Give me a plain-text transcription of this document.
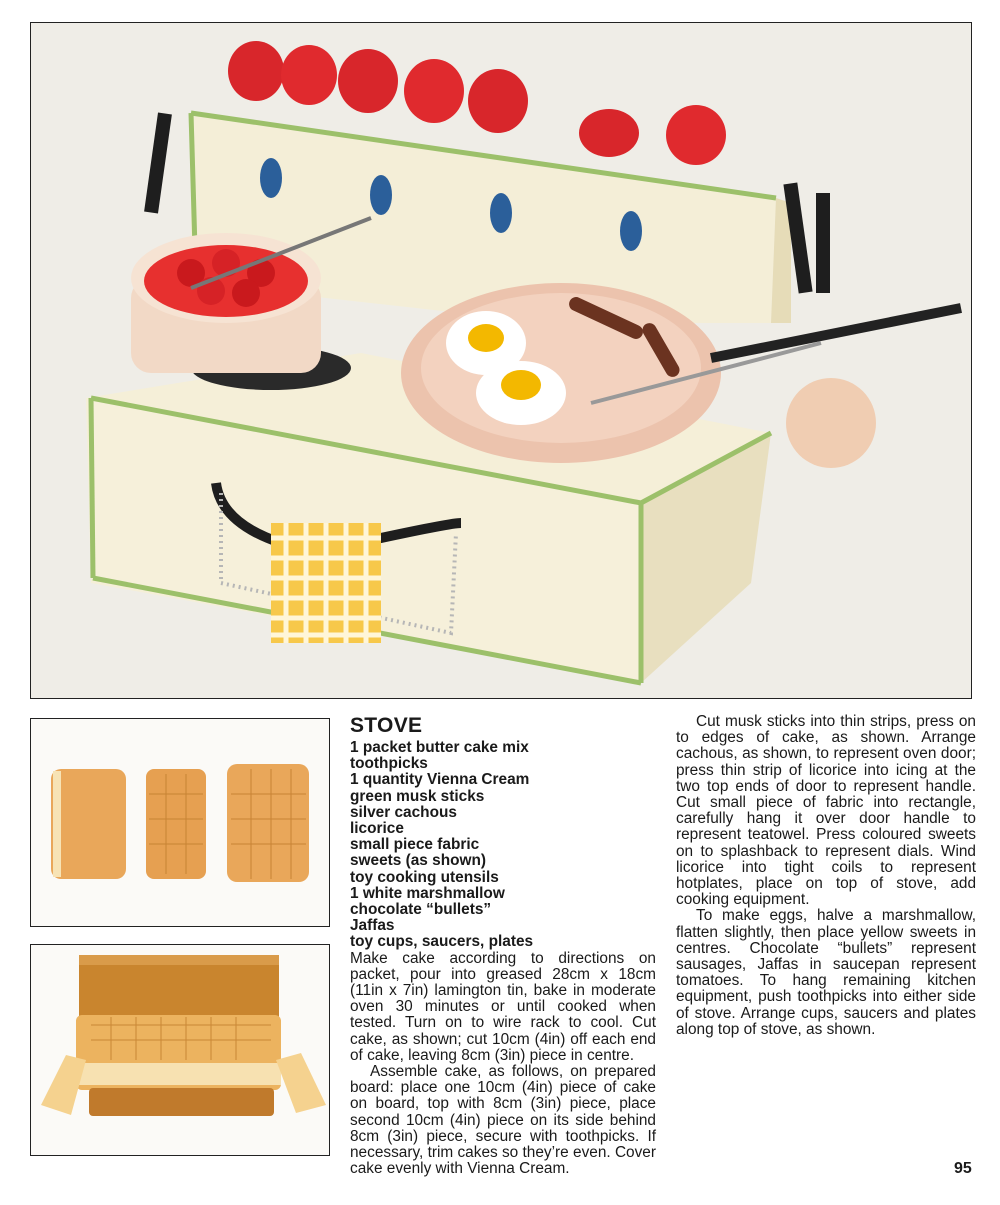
STOVE
1 packet butter cake mix
toothpicks
1 quantity Vienna Cream
green musk sticks
silver cachous
licorice
small piece fabric
sweets (as shown)
toy cooking utensils
1 white marshmallow
chocolate “bullets”
Jaffas
toy cups, saucers, plates

Make cake according to directions on packet, pour into greased 28cm x 18cm (11in x 7in) lamington tin, bake in moderate oven 30 minutes or until cooked when tested. Turn on to wire rack to cool. Cut cake, as shown; cut 10cm (4in) off each end of cake, leaving 8cm (3in) piece in centre.

Assemble cake, as follows, on prepared board: place one 10cm (4in) piece of cake on board, top with 8cm (3in) piece, place second 10cm (4in) piece on its side behind 8cm (3in) piece, secure with toothpicks. If necessary, trim cakes so they’re even. Cover cake evenly with Vienna Cream.

Cut musk sticks into thin strips, press on to edges of cake, as shown. Arrange cachous, as shown, to represent oven door; press thin strip of licorice into icing at the two top ends of door to represent handle. Cut small piece of fabric into rectangle, carefully hang it over door handle to represent teatowel. Press coloured sweets on to splashback to represent dials. Wind licorice into tight coils to represent hotplates, place on top of stove, add cooking equipment.

To make eggs, halve a marshmallow, flatten slightly, then place yellow sweets in centres. Chocolate “bullets” represent sausages, Jaffas in saucepan represent tomatoes. To hang remaining kitchen equipment, push toothpicks into either side of stove. Arrange cups, saucers and plates along top of stove, as shown.

95
